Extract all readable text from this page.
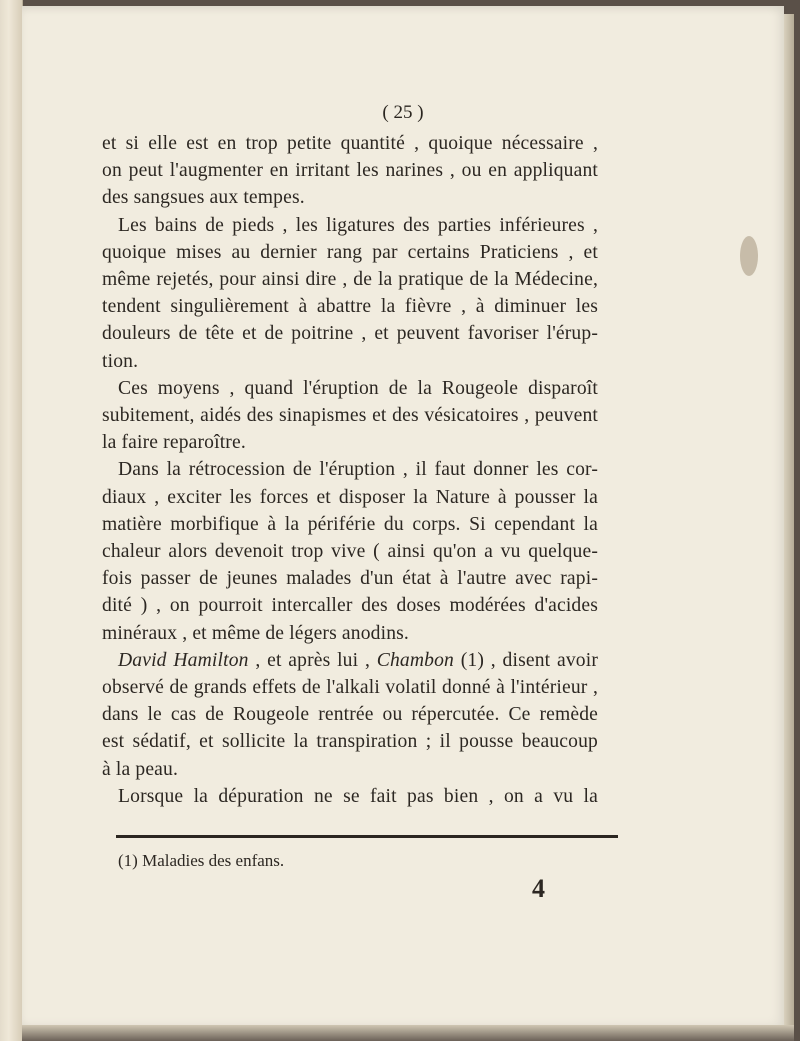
( 25 )

et si elle est en trop petite quantité , quoique nécessaire ,

on peut l'augmenter en irritant les narines , ou en appliquant

des sangsues aux tempes.

Les bains de pieds , les ligatures des parties inférieures ,

quoique mises au dernier rang par certains Praticiens , et

même rejetés, pour ainsi dire , de la pratique de la Médecine,

tendent singulièrement à abattre la fièvre , à diminuer les

douleurs de tête et de poitrine , et peuvent favoriser l'érup-

tion.

Ces moyens , quand l'éruption de la Rougeole disparoît

subitement, aidés des sinapismes et des vésicatoires , peuvent

la faire reparoître.

Dans la rétrocession de l'éruption , il faut donner les cor-

diaux , exciter les forces et disposer la Nature à pousser la

matière morbifique à la périférie du corps. Si cependant la

chaleur alors devenoit trop vive ( ainsi qu'on a vu quelque-

fois passer de jeunes malades d'un état à l'autre avec rapi-

dité ) , on pourroit intercaller des doses modérées d'acides

minéraux , et même de légers anodins.

David Hamilton , et après lui , Chambon (1) , disent avoir

observé de grands effets de l'alkali volatil donné à l'intérieur ,

dans le cas de Rougeole rentrée ou répercutée. Ce remède

est sédatif, et sollicite la transpiration ; il pousse beaucoup

à la peau.

Lorsque la dépuration ne se fait pas bien , on a vu la

(1) Maladies des enfans.
4
